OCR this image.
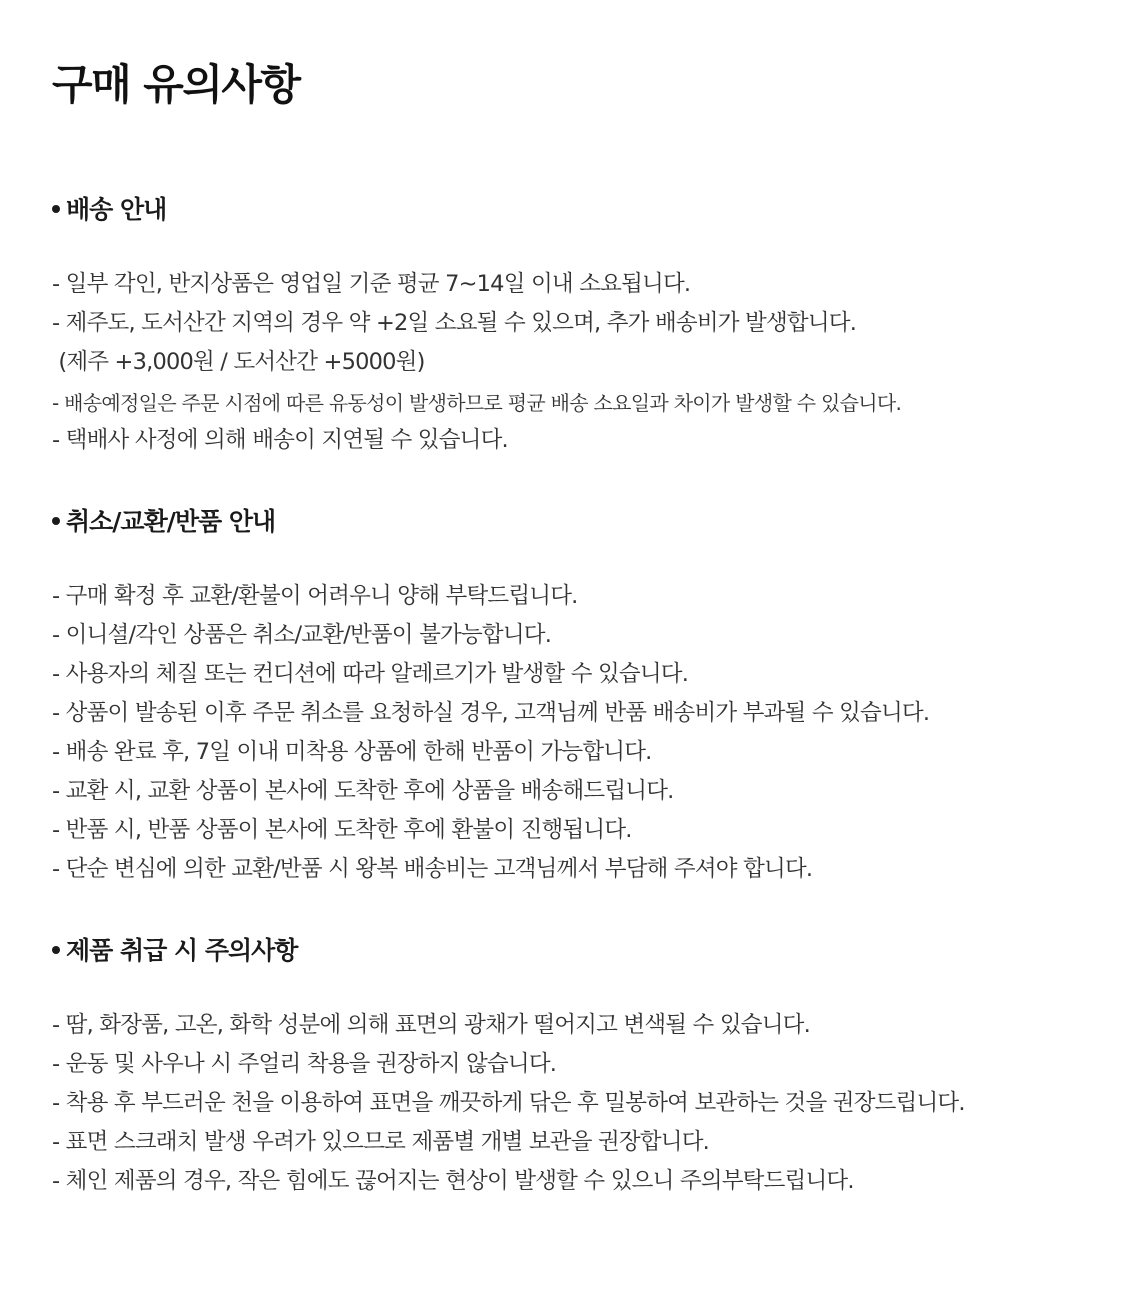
구매 유의사항
배송 안내

- 일부 각인, 반지상품은 영업일 기준 평균 7~14일 이내 소요됩니다.

- 제주도, 도서산간 지역의 경우 약 +2일 소요될 수 있으며, 추가 배송비가 발생합니다.

(제주 +3,000원 / 도서산간 +5000원)

- 배송예정일은 주문 시점에 따른 유동성이 발생하므로 평균 배송 소요일과 차이가 발생할 수 있습니다.

- 택배사 사정에 의해 배송이 지연될 수 있습니다.

취소/교환/반품 안내

- 구매 확정 후 교환/환불이 어려우니 양해 부탁드립니다.

- 이니셜/각인 상품은 취소/교환/반품이 불가능합니다.

- 사용자의 체질 또는 컨디션에 따라 알레르기가 발생할 수 있습니다.

- 상품이 발송된 이후 주문 취소를 요청하실 경우, 고객님께 반품 배송비가 부과될 수 있습니다.

- 배송 완료 후, 7일 이내 미착용 상품에 한해 반품이 가능합니다.

- 교환 시, 교환 상품이 본사에 도착한 후에 상품을 배송해드립니다.

- 반품 시, 반품 상품이 본사에 도착한 후에 환불이 진행됩니다.

- 단순 변심에 의한 교환/반품 시 왕복 배송비는 고객님께서 부담해 주셔야 합니다.

제품 취급 시 주의사항

- 땀, 화장품, 고온, 화학 성분에 의해 표면의 광채가 떨어지고 변색될 수 있습니다.

- 운동 및 사우나 시 주얼리 착용을 권장하지 않습니다.

- 착용 후 부드러운 천을 이용하여 표면을 깨끗하게 닦은 후 밀봉하여 보관하는 것을 권장드립니다.

- 표면 스크래치 발생 우려가 있으므로 제품별 개별 보관을 권장합니다.

- 체인 제품의 경우, 작은 힘에도 끊어지는 현상이 발생할 수 있으니 주의부탁드립니다.
